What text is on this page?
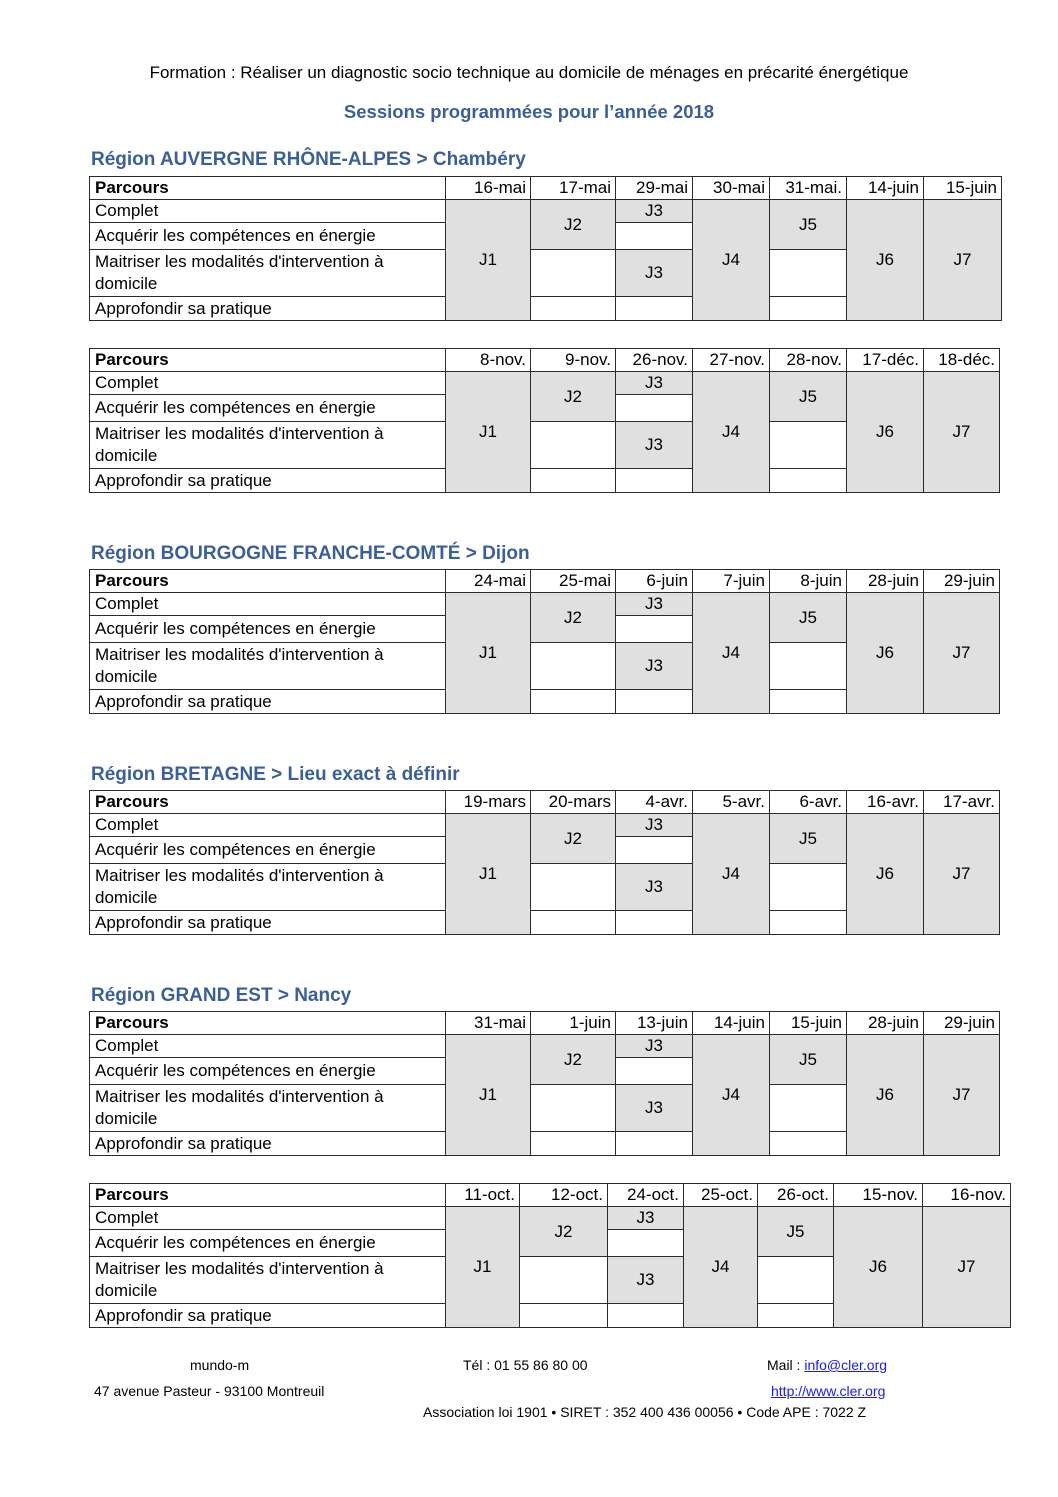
Formation : Réaliser un diagnostic socio technique au domicile de ménages en précarité énergétique
Sessions programmées pour l’année 2018
Région AUVERGNE RHÔNE-ALPES > Chambéry
Parcours	16-mai	17-mai	29-mai	30-mai	31-mai.	14-juin	15-juin
Complet	J1	J2	J3	J4	J5	J6	J7
Acquérir les compétences en énergie							
Maitriser les modalités d'intervention à domicile			J3				
Approfondir sa pratique							
Parcours	8-nov.	9-nov.	26-nov.	27-nov.	28-nov.	17-déc.	18-déc.
Complet	J1	J2	J3	J4	J5	J6	J7
Acquérir les compétences en énergie							
Maitriser les modalités d'intervention à domicile			J3				
Approfondir sa pratique							
Région BOURGOGNE FRANCHE-COMTÉ > Dijon
Parcours	24-mai	25-mai	6-juin	7-juin	8-juin	28-juin	29-juin
Complet	J1	J2	J3	J4	J5	J6	J7
Acquérir les compétences en énergie							
Maitriser les modalités d'intervention à domicile			J3				
Approfondir sa pratique							
Région BRETAGNE > Lieu exact à définir
Parcours	19-mars	20-mars	4-avr.	5-avr.	6-avr.	16-avr.	17-avr.
Complet	J1	J2	J3	J4	J5	J6	J7
Acquérir les compétences en énergie							
Maitriser les modalités d'intervention à domicile			J3				
Approfondir sa pratique							
Région GRAND EST > Nancy
Parcours	31-mai	1-juin	13-juin	14-juin	15-juin	28-juin	29-juin
Complet	J1	J2	J3	J4	J5	J6	J7
Acquérir les compétences en énergie							
Maitriser les modalités d'intervention à domicile			J3				
Approfondir sa pratique							
Parcours	11-oct.	12-oct.	24-oct.	25-oct.	26-oct.	15-nov.	16-nov.
Complet	J1	J2	J3	J4	J5	J6	J7
Acquérir les compétences en énergie							
Maitriser les modalités d'intervention à domicile			J3				
Approfondir sa pratique							
mundo-m
47 avenue Pasteur - 93100 Montreuil
Tél : 01 55 86 80 00	Mail : info@cler.org
http://www.cler.org
Association loi 1901 • SIRET : 352 400 436 00056 • Code APE : 7022 Z
